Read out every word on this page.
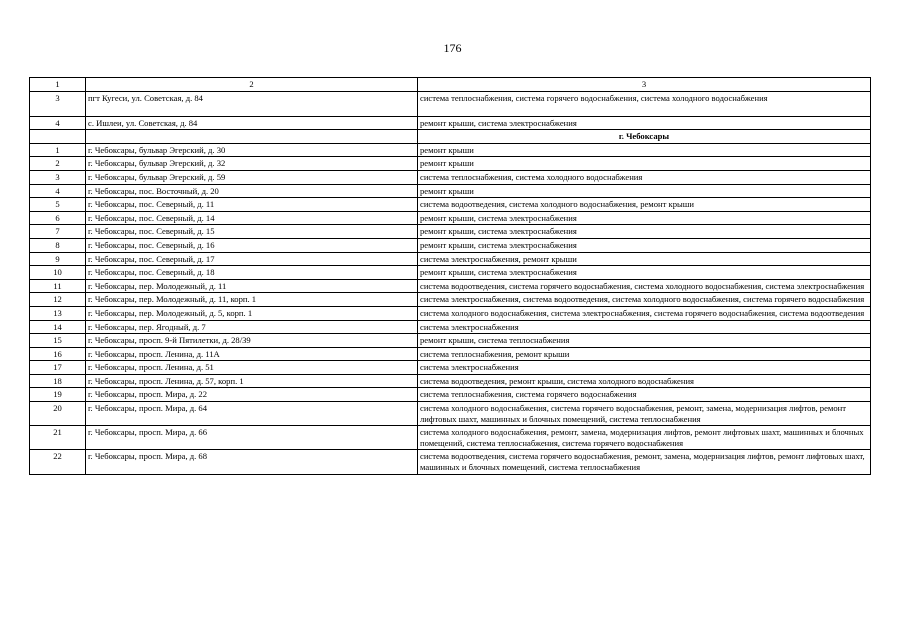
176
1	2	3
3	пгт Кугеси, ул. Советская, д. 84	система теплоснабжения, система горячего водоснабжения, система холодного водоснабжения
4	с. Ишлеи, ул. Советская, д. 84	ремонт крыши, система электроснабжения
		г. Чебоксары
1	г. Чебоксары, бульвар Эгерский, д. 30	ремонт крыши
2	г. Чебоксары, бульвар Эгерский, д. 32	ремонт крыши
3	г. Чебоксары, бульвар Эгерский, д. 59	система теплоснабжения, система холодного водоснабжения
4	г. Чебоксары, пос. Восточный, д. 20	ремонт крыши
5	г. Чебоксары, пос. Северный, д. 11	система водоотведения, система холодного водоснабжения, ремонт крыши
6	г. Чебоксары, пос. Северный, д. 14	ремонт крыши, система электроснабжения
7	г. Чебоксары, пос. Северный, д. 15	ремонт крыши, система электроснабжения
8	г. Чебоксары, пос. Северный, д. 16	ремонт крыши, система электроснабжения
9	г. Чебоксары, пос. Северный, д. 17	система электроснабжения, ремонт крыши
10	г. Чебоксары, пос. Северный, д. 18	ремонт крыши, система электроснабжения
11	г. Чебоксары, пер. Молодежный, д. 11	система водоотведения, система горячего водоснабжения, система холодного водоснабжения, система электроснабжения
12	г. Чебоксары, пер. Молодежный, д. 11, корп. 1	система электроснабжения, система водоотведения, система холодного водоснабжения, система горячего водоснабжения
13	г. Чебоксары, пер. Молодежный, д. 5, корп. 1	система холодного водоснабжения, система электроснабжения, система горячего водоснабжения, система водоотведения
14	г. Чебоксары, пер. Ягодный, д. 7	система электроснабжения
15	г. Чебоксары, просп. 9-й Пятилетки, д. 28/39	ремонт крыши, система теплоснабжения
16	г. Чебоксары, просп. Ленина, д. 11А	система теплоснабжения, ремонт крыши
17	г. Чебоксары, просп. Ленина, д. 51	система электроснабжения
18	г. Чебоксары, просп. Ленина, д. 57, корп. 1	система водоотведения, ремонт крыши, система холодного водоснабжения
19	г. Чебоксары, просп. Мира, д. 22	система теплоснабжения, система горячего водоснабжения
20	г. Чебоксары, просп. Мира, д. 64	система холодного водоснабжения, система горячего водоснабжения, ремонт, замена, модернизация лифтов, ремонт лифтовых шахт, машинных и блочных помещений, система теплоснабжения
21	г. Чебоксары, просп. Мира, д. 66	система холодного водоснабжения, ремонт, замена, модернизация лифтов, ремонт лифтовых шахт, машинных и блочных помещений, система теплоснабжения, система горячего водоснабжения
22	г. Чебоксары, просп. Мира, д. 68	система водоотведения, система горячего водоснабжения, ремонт, замена, модернизация лифтов, ремонт лифтовых шахт, машинных и блочных помещений, система теплоснабжения
